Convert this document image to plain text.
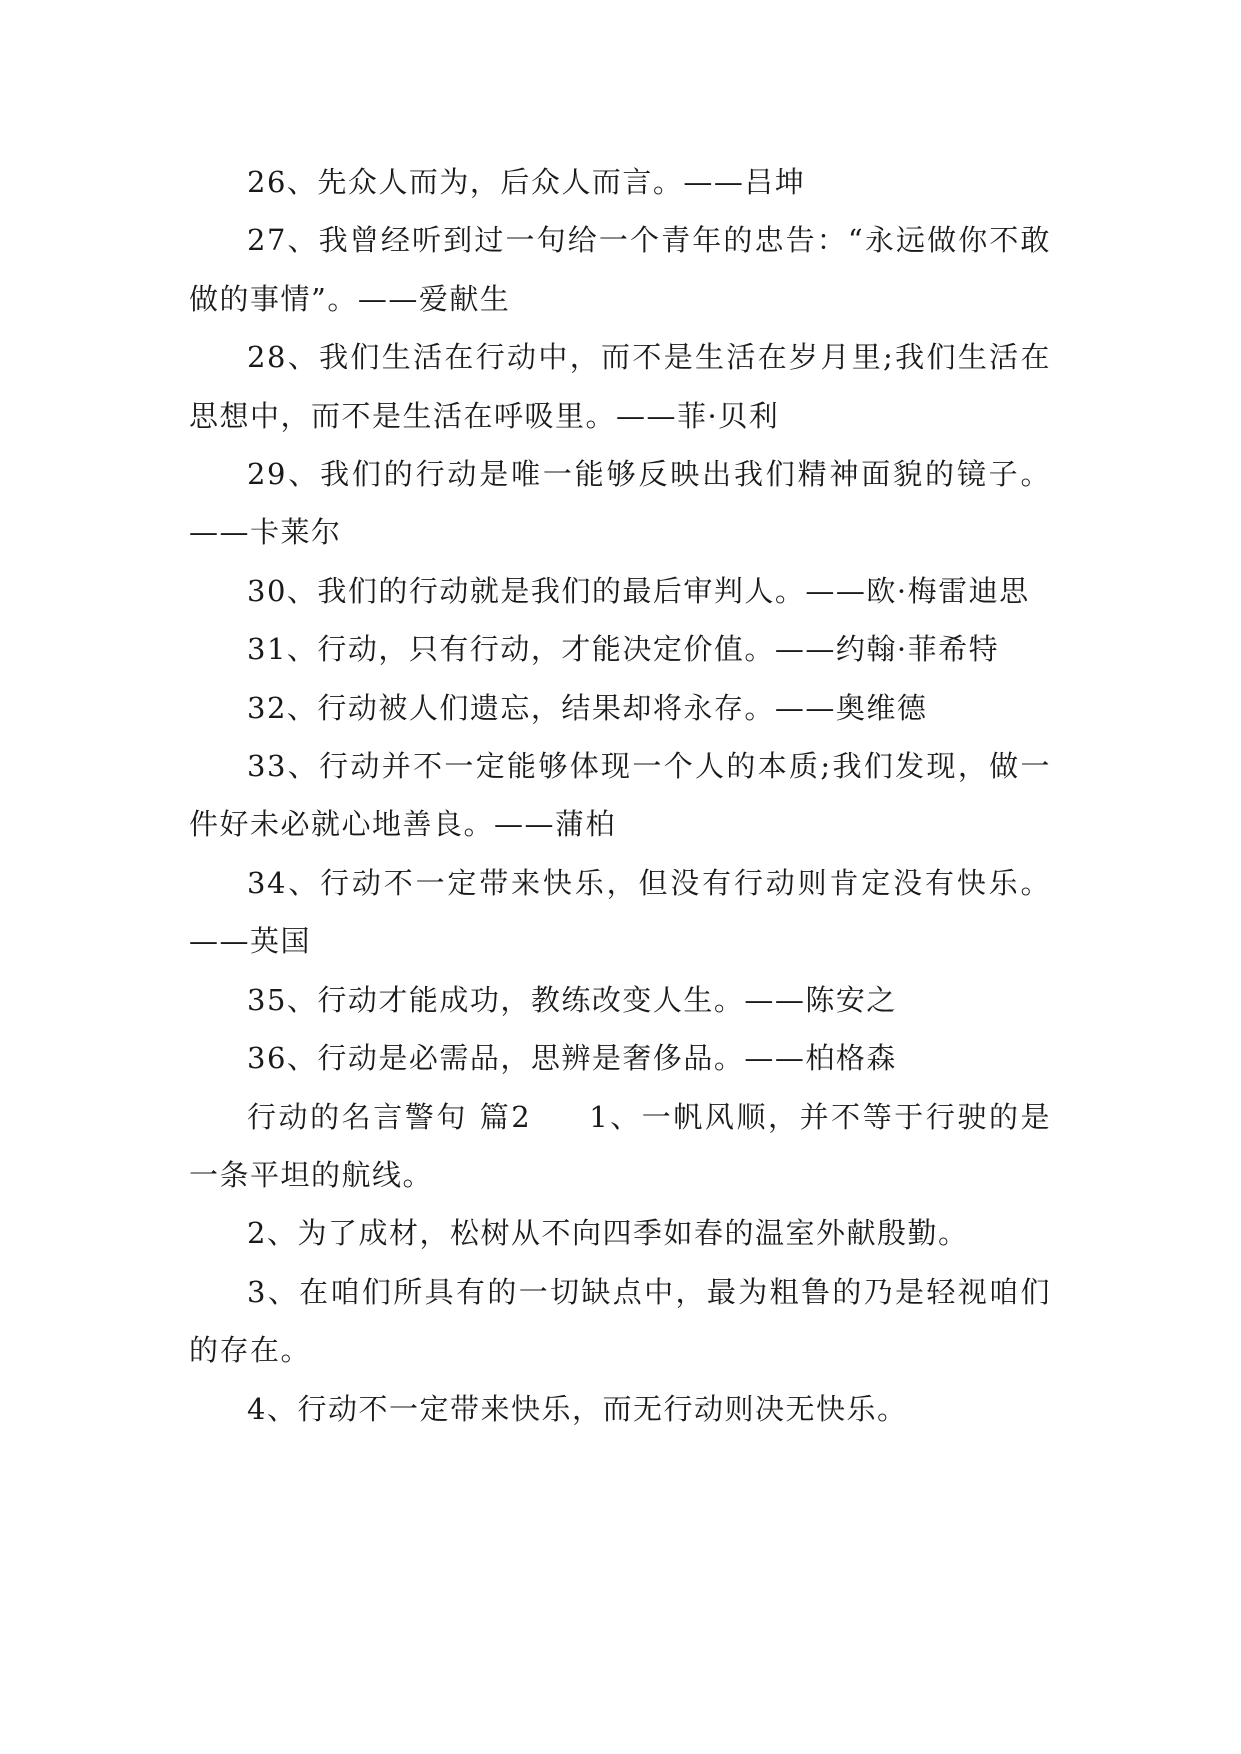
26、先众人而为，后众人而言。——吕坤

27、我曾经听到过一句给一个青年的忠告：“永远做你不敢做的事情”。——爱献生

28、我们生活在行动中，而不是生活在岁月里;我们生活在思想中，而不是生活在呼吸里。——菲·贝利

29、我们的行动是唯一能够反映出我们精神面貌的镜子。——卡莱尔

30、我们的行动就是我们的最后审判人。——欧·梅雷迪思

31、行动，只有行动，才能决定价值。——约翰·菲希特

32、行动被人们遗忘，结果却将永存。——奥维德

33、行动并不一定能够体现一个人的本质;我们发现，做一件好未必就心地善良。——蒲柏

34、行动不一定带来快乐，但没有行动则肯定没有快乐。——英国

35、行动才能成功，教练改变人生。——陈安之

36、行动是必需品，思辨是奢侈品。——柏格森

行动的名言警句 篇2 1、一帆风顺，并不等于行驶的是一条平坦的航线。

2、为了成材，松树从不向四季如春的温室外献殷勤。

3、在咱们所具有的一切缺点中，最为粗鲁的乃是轻视咱们的存在。

4、行动不一定带来快乐，而无行动则决无快乐。
